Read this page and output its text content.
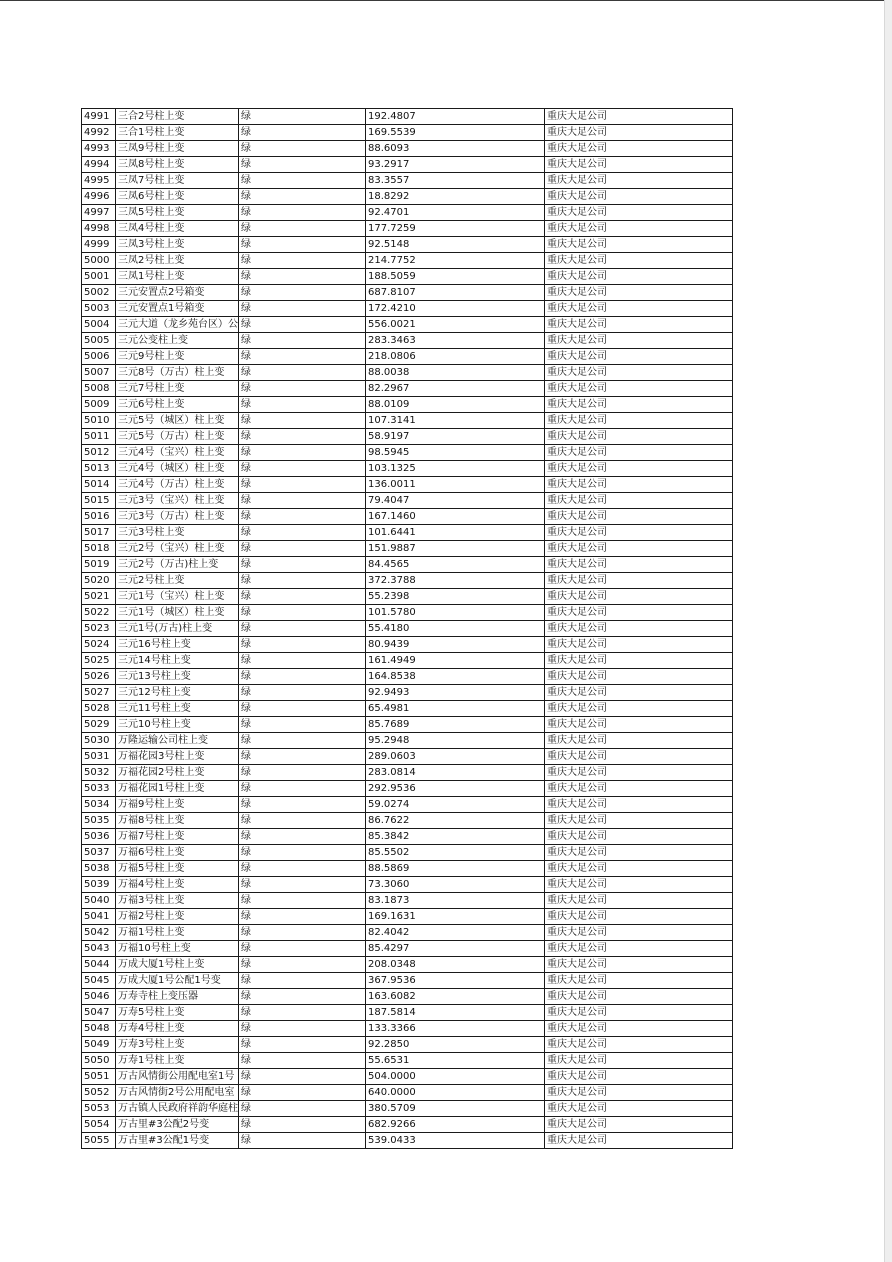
4991	三合2号柱上变	绿	192.4807	重庆大足公司
4992	三合1号柱上变	绿	169.5539	重庆大足公司
4993	三凤9号柱上变	绿	88.6093	重庆大足公司
4994	三凤8号柱上变	绿	93.2917	重庆大足公司
4995	三凤7号柱上变	绿	83.3557	重庆大足公司
4996	三凤6号柱上变	绿	18.8292	重庆大足公司
4997	三凤5号柱上变	绿	92.4701	重庆大足公司
4998	三凤4号柱上变	绿	177.7259	重庆大足公司
4999	三凤3号柱上变	绿	92.5148	重庆大足公司
5000	三凤2号柱上变	绿	214.7752	重庆大足公司
5001	三凤1号柱上变	绿	188.5059	重庆大足公司
5002	三元安置点2号箱变	绿	687.8107	重庆大足公司
5003	三元安置点1号箱变	绿	172.4210	重庆大足公司
5004	三元大道（龙乡苑台区）公	绿	556.0021	重庆大足公司
5005	三元公变柱上变	绿	283.3463	重庆大足公司
5006	三元9号柱上变	绿	218.0806	重庆大足公司
5007	三元8号（万古）柱上变	绿	88.0038	重庆大足公司
5008	三元7号柱上变	绿	82.2967	重庆大足公司
5009	三元6号柱上变	绿	88.0109	重庆大足公司
5010	三元5号（城区）柱上变	绿	107.3141	重庆大足公司
5011	三元5号（万古）柱上变	绿	58.9197	重庆大足公司
5012	三元4号（宝兴）柱上变	绿	98.5945	重庆大足公司
5013	三元4号（城区）柱上变	绿	103.1325	重庆大足公司
5014	三元4号（万古）柱上变	绿	136.0011	重庆大足公司
5015	三元3号（宝兴）柱上变	绿	79.4047	重庆大足公司
5016	三元3号（万古）柱上变	绿	167.1460	重庆大足公司
5017	三元3号柱上变	绿	101.6441	重庆大足公司
5018	三元2号（宝兴）柱上变	绿	151.9887	重庆大足公司
5019	三元2号（万古)柱上变	绿	84.4565	重庆大足公司
5020	三元2号柱上变	绿	372.3788	重庆大足公司
5021	三元1号（宝兴）柱上变	绿	55.2398	重庆大足公司
5022	三元1号（城区）柱上变	绿	101.5780	重庆大足公司
5023	三元1号(万古)柱上变	绿	55.4180	重庆大足公司
5024	三元16号柱上变	绿	80.9439	重庆大足公司
5025	三元14号柱上变	绿	161.4949	重庆大足公司
5026	三元13号柱上变	绿	164.8538	重庆大足公司
5027	三元12号柱上变	绿	92.9493	重庆大足公司
5028	三元11号柱上变	绿	65.4981	重庆大足公司
5029	三元10号柱上变	绿	85.7689	重庆大足公司
5030	万隆运输公司柱上变	绿	95.2948	重庆大足公司
5031	万福花园3号柱上变	绿	289.0603	重庆大足公司
5032	万福花园2号柱上变	绿	283.0814	重庆大足公司
5033	万福花园1号柱上变	绿	292.9536	重庆大足公司
5034	万福9号柱上变	绿	59.0274	重庆大足公司
5035	万福8号柱上变	绿	86.7622	重庆大足公司
5036	万福7号柱上变	绿	85.3842	重庆大足公司
5037	万福6号柱上变	绿	85.5502	重庆大足公司
5038	万福5号柱上变	绿	88.5869	重庆大足公司
5039	万福4号柱上变	绿	73.3060	重庆大足公司
5040	万福3号柱上变	绿	83.1873	重庆大足公司
5041	万福2号柱上变	绿	169.1631	重庆大足公司
5042	万福1号柱上变	绿	82.4042	重庆大足公司
5043	万福10号柱上变	绿	85.4297	重庆大足公司
5044	万成大厦1号柱上变	绿	208.0348	重庆大足公司
5045	万成大厦1号公配1号变	绿	367.9536	重庆大足公司
5046	万寿寺柱上变压器	绿	163.6082	重庆大足公司
5047	万寿5号柱上变	绿	187.5814	重庆大足公司
5048	万寿4号柱上变	绿	133.3366	重庆大足公司
5049	万寿3号柱上变	绿	92.2850	重庆大足公司
5050	万寿1号柱上变	绿	55.6531	重庆大足公司
5051	万古风情街公用配电室1号	绿	504.0000	重庆大足公司
5052	万古风情街2号公用配电室	绿	640.0000	重庆大足公司
5053	万古镇人民政府祥韵华庭柱	绿	380.5709	重庆大足公司
5054	万古里#3公配2号变	绿	682.9266	重庆大足公司
5055	万古里#3公配1号变	绿	539.0433	重庆大足公司
